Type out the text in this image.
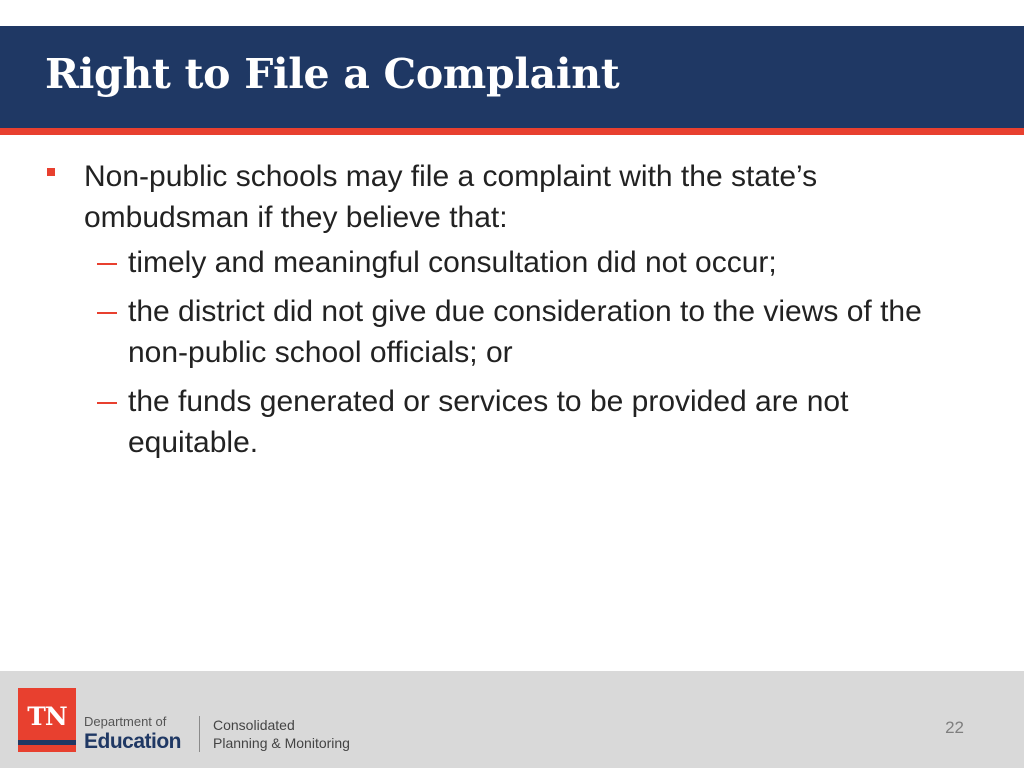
Right to File a Complaint
Non-public schools may file a complaint with the state’s ombudsman if they believe that:
timely and meaningful consultation did not occur;
the district did not give due consideration to the views of the non-public school officials; or
the funds generated or services to be provided are not equitable.
TN	Department of
Education
Consolidated
Planning & Monitoring
22
